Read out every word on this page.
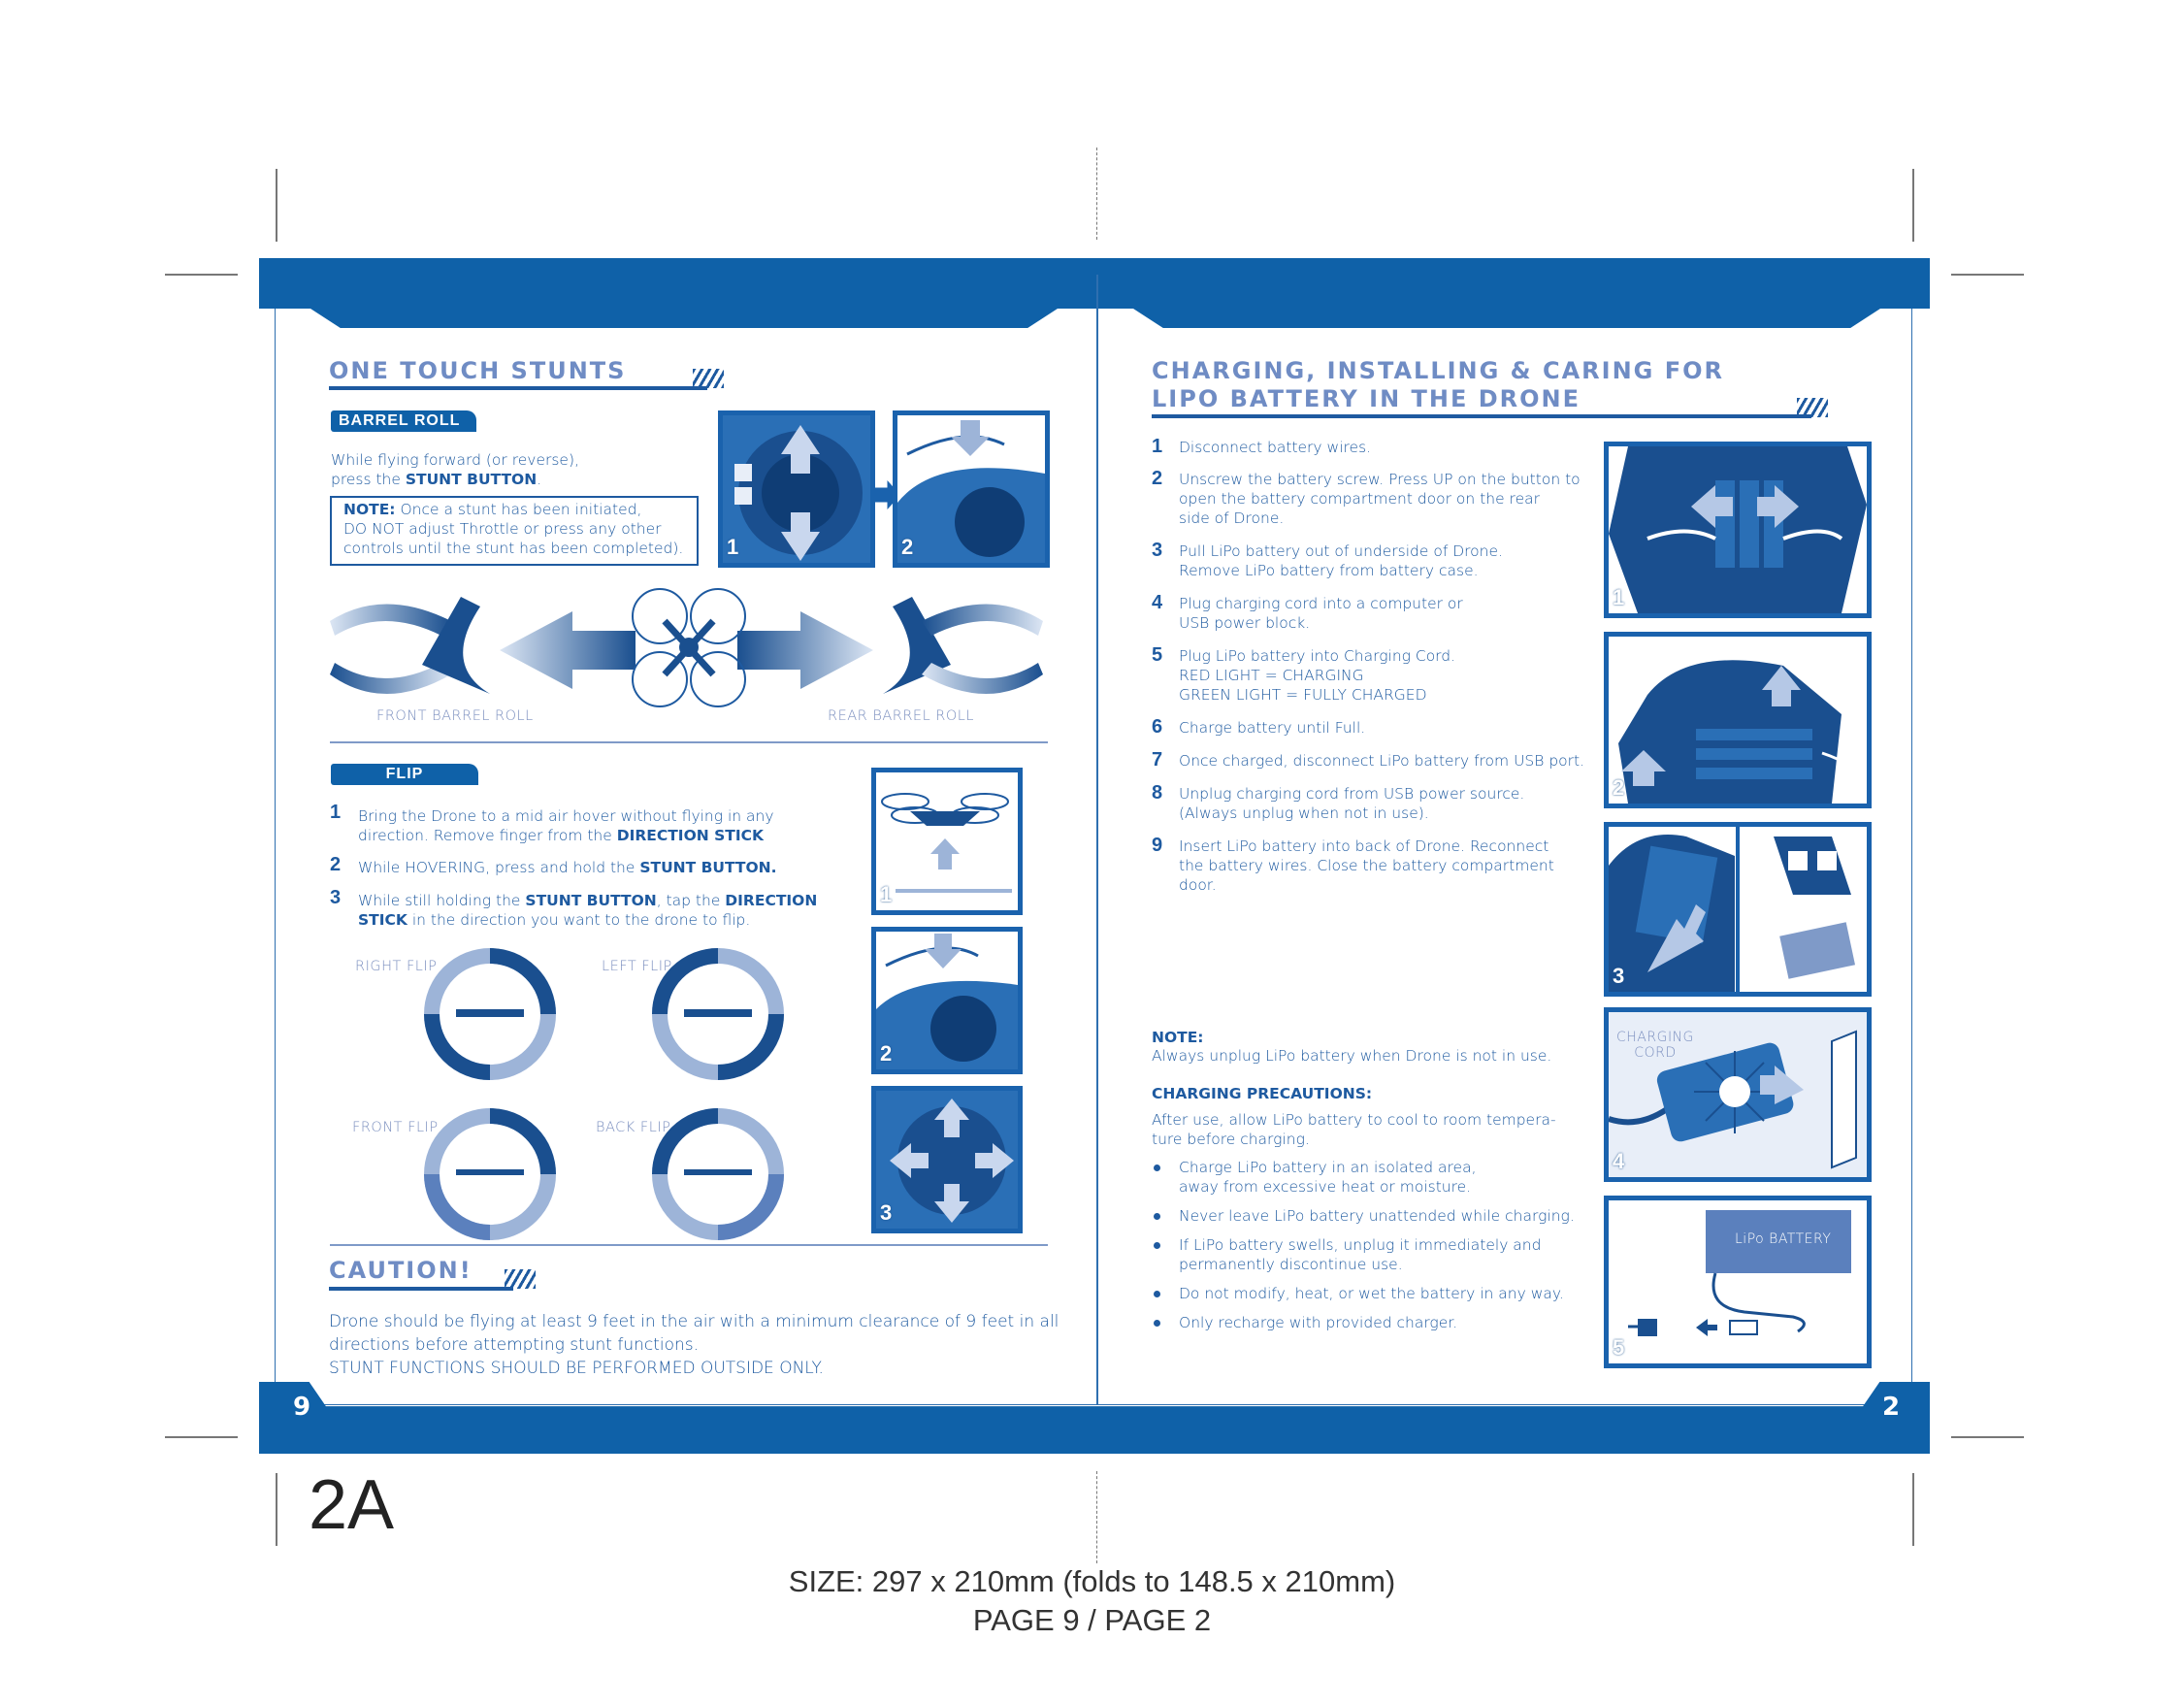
9	2
ONE TOUCH STUNTS
BARREL ROLL
While flying forward (or reverse),
press the STUNT BUTTON.
NOTE: Once a stunt has been initiated,
DO NOT adjust Throttle or press any other
controls until the stunt has been completed). 1	2
FRONT BARREL ROLL	REAR BARREL ROLL
FLIP
1 Bring the Drone to a mid air hover without flying in any
direction. Remove finger from the DIRECTION STICK
2 While HOVERING, press and hold the STUNT BUTTON.
3 While still holding the STUNT BUTTON, tap the DIRECTION
STICK in the direction you want to the drone to flip.
RIGHT FLIP	LEFT FLIP
FRONT FLIP	BACK FLIP
1
2
3
CAUTION!
Drone should be flying at least 9 feet in the air with a minimum clearance of 9 feet in all
directions before attempting stunt functions.
STUNT FUNCTIONS SHOULD BE PERFORMED OUTSIDE ONLY.
CHARGING, INSTALLING & CARING FOR
LIPO BATTERY IN THE DRONE
1 Disconnect battery wires.
2 Unscrew the battery screw. Press UP on the button to
open the battery compartment door on the rear
side of Drone.
3 Pull LiPo battery out of underside of Drone.
Remove LiPo battery from battery case.
4 Plug charging cord into a computer or
USB power block.
5 Plug LiPo battery into Charging Cord.
RED LIGHT = CHARGING
GREEN LIGHT = FULLY CHARGED
6 Charge battery until Full.
7 Once charged, disconnect LiPo battery from USB port.
8 Unplug charging cord from USB power source.
(Always unplug when not in use).
9 Insert LiPo battery into back of Drone. Reconnect
the battery wires. Close the battery compartment
door.
1
2
3
CHARGING
CORD
4
LiPo BATTERY
5
NOTE:
Always unplug LiPo battery when Drone is not in use.
CHARGING PRECAUTIONS:
After use, allow LiPo battery to cool to room tempera-
ture before charging.
Charge LiPo battery in an isolated area,
away from excessive heat or moisture.
Never leave LiPo battery unattended while charging.
If LiPo battery swells, unplug it immediately and
permanently discontinue use.
Do not modify, heat, or wet the battery in any way.
Only recharge with provided charger.
2A
SIZE: 297 x 210mm (folds to 148.5 x 210mm)
PAGE 9 / PAGE 2
